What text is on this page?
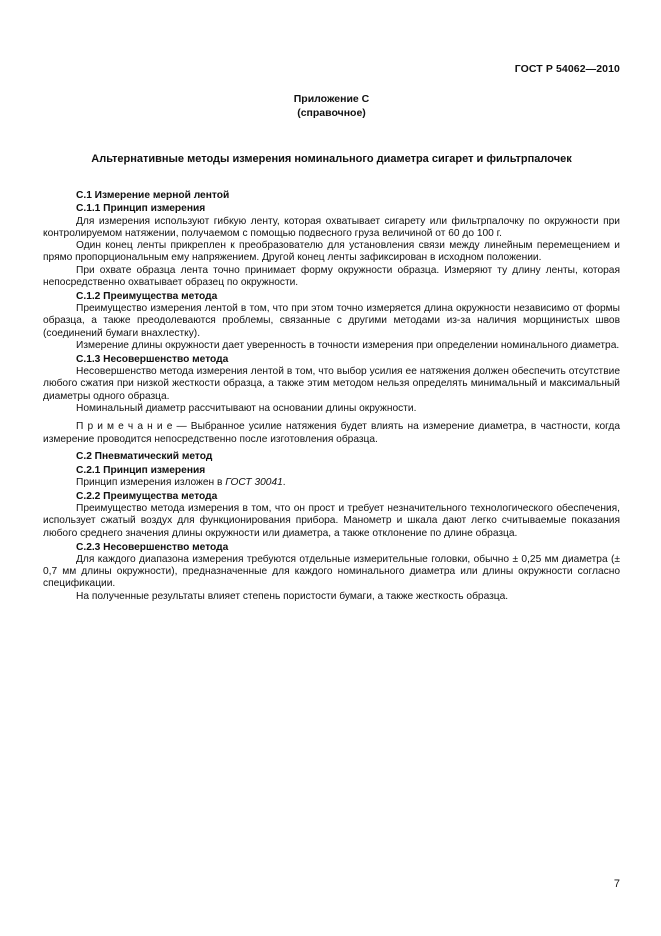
ГОСТ Р 54062—2010
Приложение С
(справочное)
Альтернативные методы измерения номинального диаметра сигарет и фильтрпалочек

С.1 Измерение мерной лентой

С.1.1 Принцип измерения

Для измерения используют гибкую ленту, которая охватывает сигарету или фильтрпалочку по окружности при контролируемом натяжении, получаемом с помощью подвесного груза величиной от 60 до 100 г.

Один конец ленты прикреплен к преобразователю для установления связи между линейным перемещением и прямо пропорциональным ему напряжением. Другой конец ленты зафиксирован в исходном положении.

При охвате образца лента точно принимает форму окружности образца. Измеряют ту длину ленты, которая непосредственно охватывает образец по окружности.

С.1.2 Преимущества метода

Преимущество измерения лентой в том, что при этом точно измеряется длина окружности независимо от формы образца, а также преодолеваются проблемы, связанные с другими методами из-за наличия морщинистых швов (соединений бумаги внахлестку).

Измерение длины окружности дает уверенность в точности измерения при определении номинального диаметра.

С.1.3 Несовершенство метода

Несовершенство метода измерения лентой в том, что выбор усилия ее натяжения должен обеспечить отсутствие любого сжатия при низкой жесткости образца, а также этим методом нельзя определять минимальный и максимальный диаметры одного образца.

Номинальный диаметр рассчитывают на основании длины окружности.

П р и м е ч а н и е — Выбранное усилие натяжения будет влиять на измерение диаметра, в частности, когда измерение проводится непосредственно после изготовления образца.

С.2 Пневматический метод

С.2.1 Принцип измерения

Принцип измерения изложен в ГОСТ 30041.

С.2.2 Преимущества метода

Преимущество метода измерения в том, что он прост и требует незначительного технологического обеспечения, использует сжатый воздух для функционирования прибора. Манометр и шкала дают легко считываемые показания любого среднего значения длины окружности или диаметра, а также отклонение по длине образца.

С.2.3 Несовершенство метода

Для каждого диапазона измерения требуются отдельные измерительные головки, обычно ± 0,25 мм диаметра (± 0,7 мм длины окружности), предназначенные для каждого номинального диаметра или длины окружности согласно спецификации.

На полученные результаты влияет степень пористости бумаги, а также жесткость образца.

7
